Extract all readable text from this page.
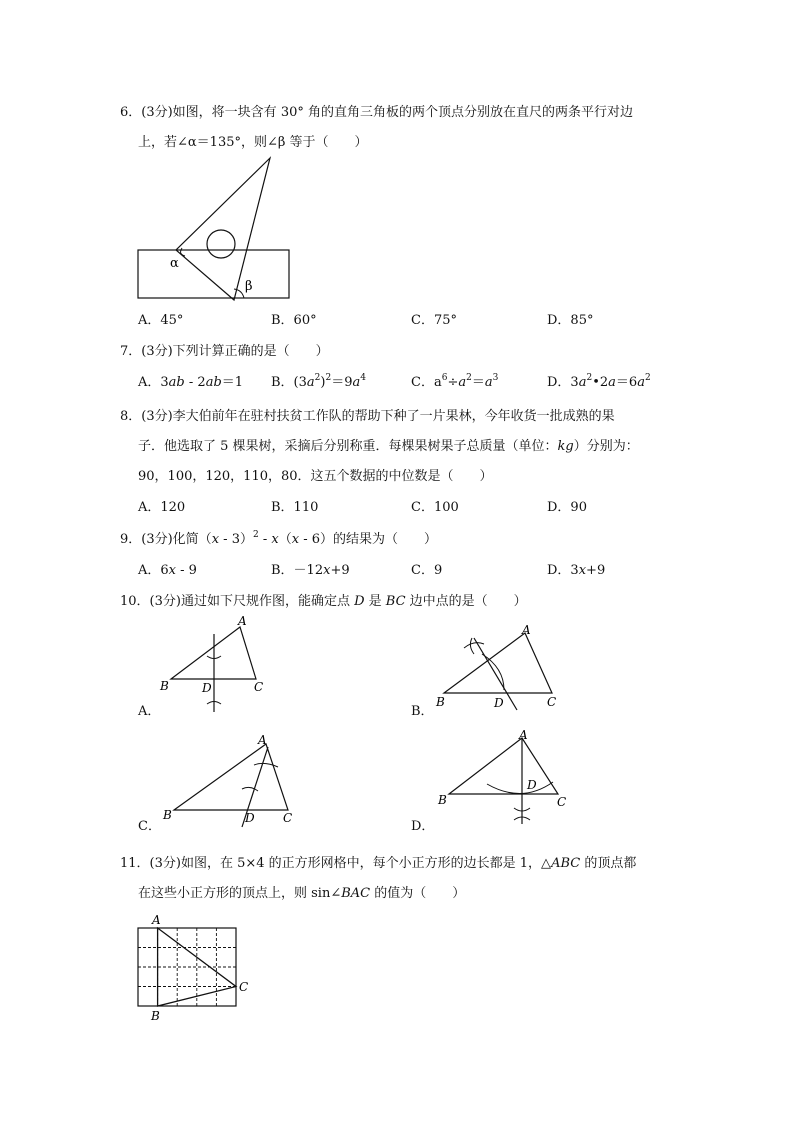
6．(3分)如图，将一块含有 30° 角的直角三角板的两个顶点分别放在直尺的两条平行对边
上，若∠α＝135°，则∠β 等于（　　）
α
β
A．45°	B．60°	C．75°	D．85°
7．(3分)下列计算正确的是（　　）
A．3ab - 2ab＝1 B．$(3a^2)^2=9a^4$	C．$a^6\div a^2=a^3$	D．$3a^2•2a=6a^2$
8．(3分)李大伯前年在驻村扶贫工作队的帮助下种了一片果林，今年收货一批成熟的果
子．他选取了 5 棵果树，采摘后分别称重．每棵果树果子总质量（单位：kg）分别为：
90，100，120，110，80．这五个数据的中位数是（　　）
A．120	B．110	C．100	D．90
9．(3分)化简（x - 3）$^2$ - x（x - 6）的结果为（　　）
A．6x - 9	B．－12x+9	C．9	D．3x+9
10．(3分)通过如下尺规作图，能确定点 D 是 BC 边中点的是（　　）
A
B	D	C
A．
A
B	D	C
B．
A
B	D C
C．
A
B
D
C
D．
11．(3分)如图，在 5×4 的正方形网格中，每个小正方形的边长都是 1，△ABC 的顶点都
在这些小正方形的顶点上，则 sin∠BAC 的值为（　　）
A
B
C
